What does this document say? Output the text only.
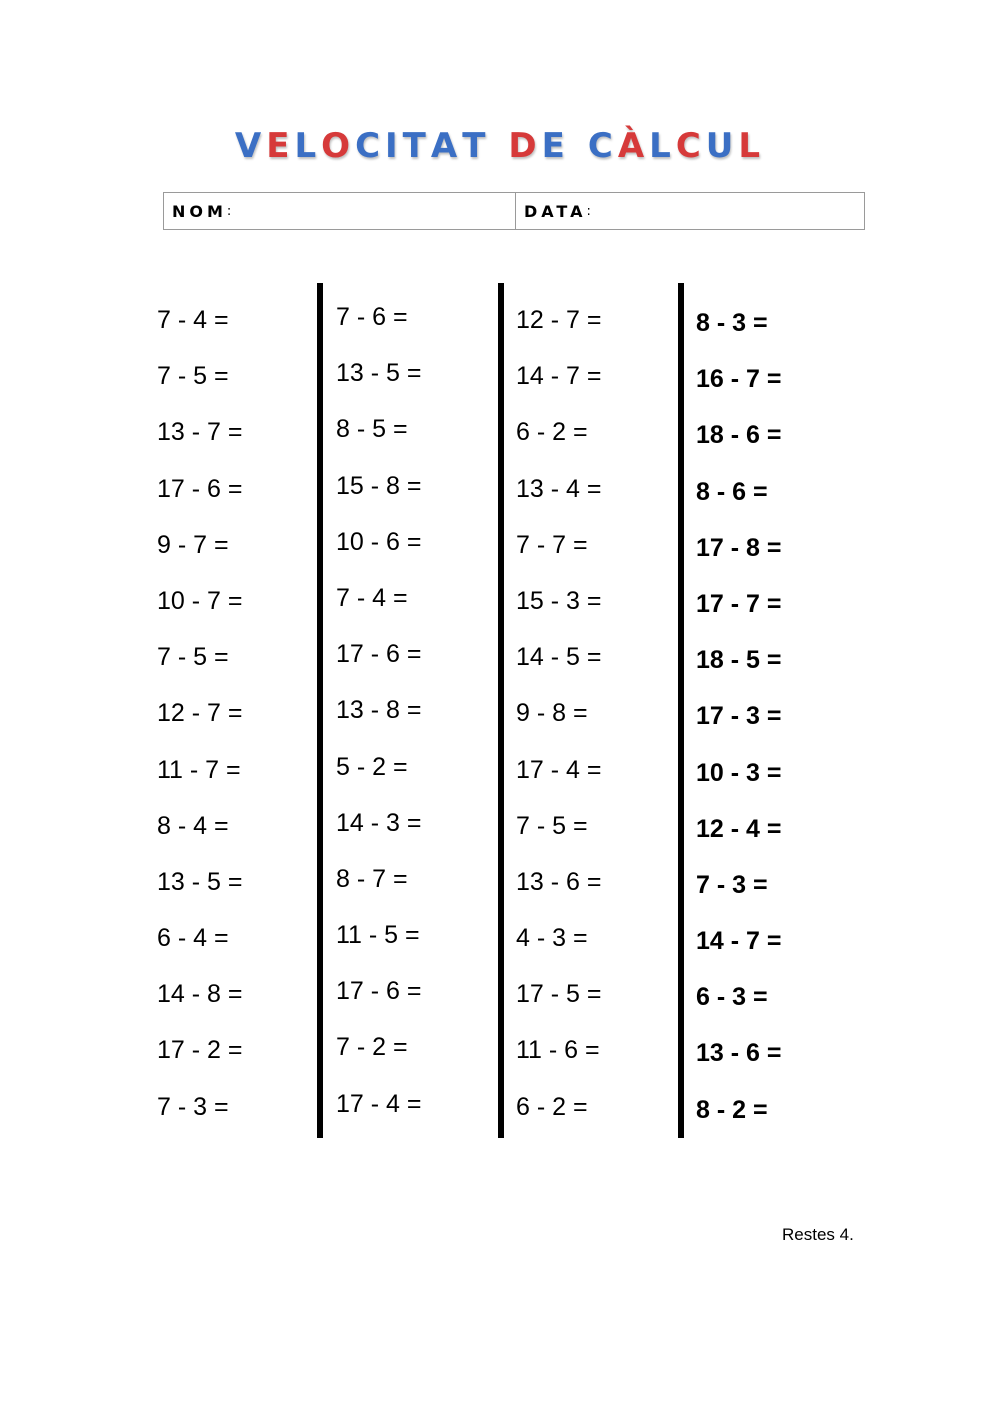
VELOCITAT DE CÀLCUL
NOM :	DATA :
7 - 4 =
7 - 5 =
13 - 7 =
17 - 6 =
9 - 7 =
10 - 7 =
7 - 5 =
12 - 7 =
11 - 7 =
8 - 4 =
13 - 5 =
6 - 4 =
14 - 8 =
17 - 2 =
7 - 3 =
7 - 6 =
13 - 5 =
8 - 5 =
15 - 8 =
10 - 6 =
7 - 4 =
17 - 6 =
13 - 8 =
5 - 2 =
14 - 3 =
8 - 7 =
11 - 5 =
17 - 6 =
7 - 2 =
17 - 4 =
12 - 7 =
14 - 7 =
6 - 2 =
13 - 4 =
7 - 7 =
15 - 3 =
14 - 5 =
9 - 8 =
17 - 4 =
7 - 5 =
13 - 6 =
4 - 3 =
17 - 5 =
11 - 6 =
6 - 2 =
8 - 3 =
16 - 7 =
18 - 6 =
8 - 6 =
17 - 8 =
17 - 7 =
18 - 5 =
17 - 3 =
10 - 3 =
12 - 4 =
7 - 3 =
14 - 7 =
6 - 3 =
13 - 6 =
8 - 2 =
Restes 4.
